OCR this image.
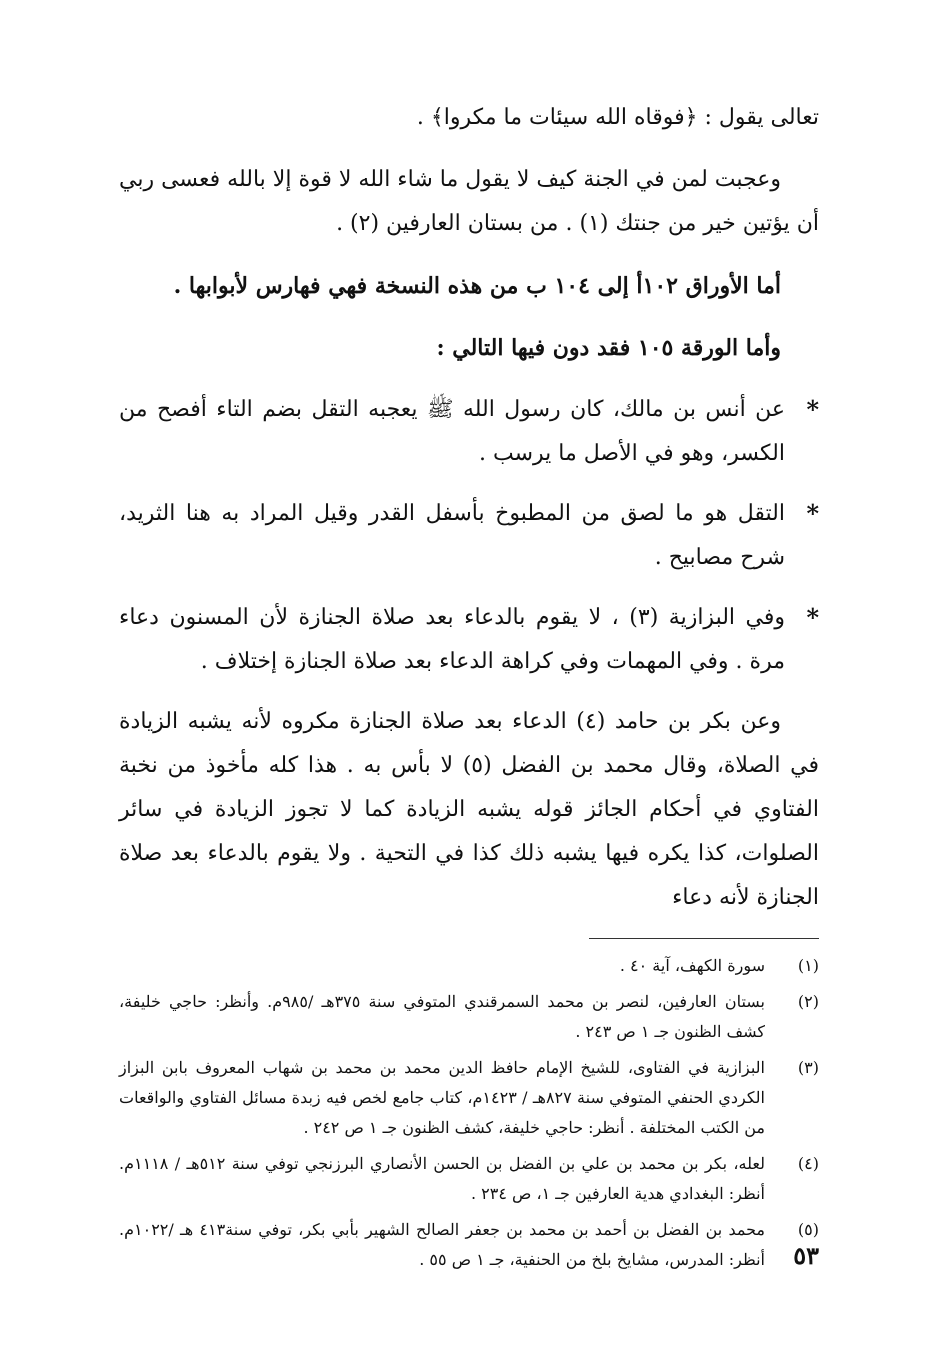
تعالى يقول : ﴿فوقاه الله سيئات ما مكروا﴾ .

وعجبت لمن في الجنة كيف لا يقول ما شاء الله لا قوة إلا بالله فعسى ربي أن يؤتين خير من جنتك (١) . من بستان العارفين (٢) .

أما الأوراق ١٠٢أ إلى ١٠٤ ب من هذه النسخة فهي فهارس لأبوابها .

وأما الورقة ١٠٥ فقد دون فيها التالي :

*
عن أنس بن مالك، كان رسول الله ﷺ يعجبه التقل بضم التاء أفصح من الكسر، وهو في الأصل ما يرسب .
*
التقل هو ما لصق من المطبوخ بأسفل القدر وقيل المراد به هنا الثريد، شرح مصابيح .
*
وفي البزازية (٣) ، لا يقوم بالدعاء بعد صلاة الجنازة لأن المسنون دعاء مرة . وفي المهمات وفي كراهة الدعاء بعد صلاة الجنازة إختلاف .

وعن بكر بن حامد (٤) الدعاء بعد صلاة الجنازة مكروه لأنه يشبه الزيادة في الصلاة، وقال محمد بن الفضل (٥) لا بأس به . هذا كله مأخوذ من نخبة الفتاوي في أحكام الجائز قوله يشبه الزيادة كما لا تجوز الزيادة في سائر الصلوات، كذا يكره فيها يشبه ذلك كذا في التحية . ولا يقوم بالدعاء بعد صلاة الجنازة لأنه دعاء

(١)
سورة الكهف، آية ٤٠ .
(٢)
بستان العارفين، لنصر بن محمد السمرقندي المتوفي سنة ٣٧٥هـ /٩٨٥م. وأنظر: حاجي خليفة، كشف الظنون جـ ١ ص ٢٤٣ .
(٣)
البزازية في الفتاوى، للشيخ الإمام حافظ الدين محمد بن محمد بن شهاب المعروف بابن البزاز الكردي الحنفي المتوفي سنة ٨٢٧هـ / ١٤٢٣م، كتاب جامع لخص فيه زبدة مسائل الفتاوي والواقعات من الكتب المختلفة . أنظر: حاجي خليفة، كشف الظنون جـ ١ ص ٢٤٢ .
(٤)
لعله، بكر بن محمد بن علي بن الفضل بن الحسن الأنصاري البرزنجي توفي سنة ٥١٢هـ / ١١١٨م. أنظر: البغدادي هدية العارفين جـ ١، ص ٢٣٤ .
(٥)
محمد بن الفضل بن أحمد بن محمد بن جعفر الصالح الشهير بأبي بكر، توفي سنة٤١٣ هـ /١٠٢٢م. أنظر: المدرس، مشايخ بلخ من الحنفية، جـ ١ ص ٥٥ . ٥٣
